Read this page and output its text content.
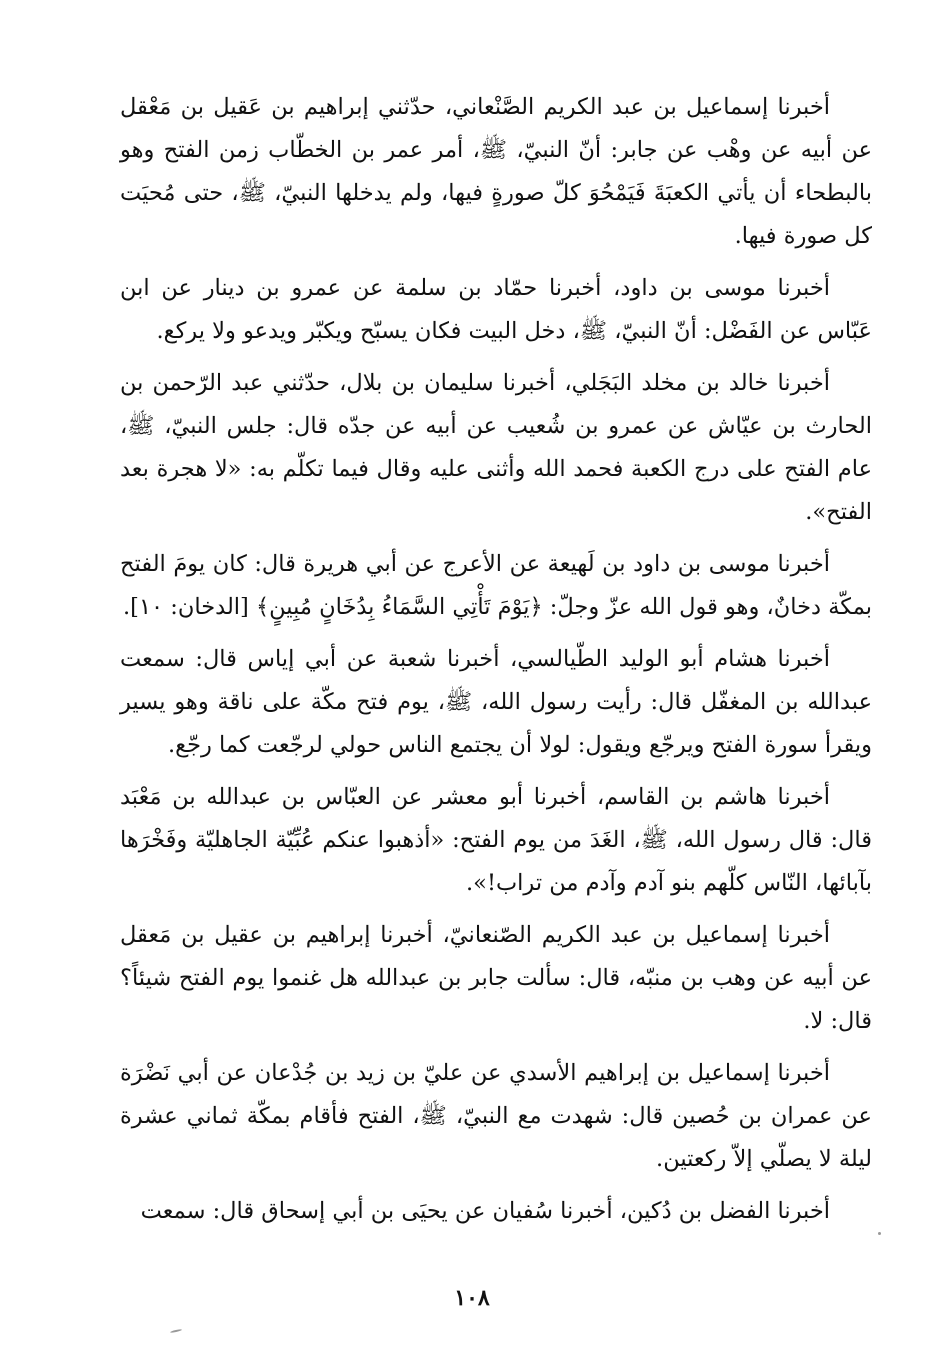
أخبرنا إسماعيل بن عبد الكريم الصَّنْعاني، حدّثني إبراهيم بن عَقيل بن مَعْقل عن أبيه عن وهْب عن جابر: أنّ النبيّ، ﷺ، أمر عمر بن الخطّاب زمن الفتح وهو بالبطحاء أن يأتي الكعبَةَ فَيَمْحُوَ كلّ صورةٍ فيها، ولم يدخلها النبيّ، ﷺ، حتى مُحيَت كل صورة فيها.

أخبرنا موسى بن داود، أخبرنا حمّاد بن سلمة عن عمرو بن دينار عن ابن عَبّاس عن الفَضْل: أنّ النبيّ، ﷺ، دخل البيت فكان يسبّح ويكبّر ويدعو ولا يركع.

أخبرنا خالد بن مخلد البَجَلي، أخبرنا سليمان بن بلال، حدّثني عبد الرّحمن بن الحارث بن عيّاش عن عمرو بن شُعيب عن أبيه عن جدّه قال: جلس النبيّ، ﷺ، عام الفتح على درج الكعبة فحمد الله وأثنى عليه وقال فيما تكلّم به: «لا هجرة بعد الفتح».

أخبرنا موسى بن داود بن لَهيعة عن الأعرج عن أبي هريرة قال: كان يومَ الفتح بمكّة دخانٌ، وهو قول الله عزّ وجلّ: ﴿يَوْمَ تَأْتِي السَّمَاءُ بِدُخَانٍ مُبِينٍ﴾ [الدخان: ١٠].

أخبرنا هشام أبو الوليد الطّيالسي، أخبرنا شعبة عن أبي إياس قال: سمعت عبدالله بن المغفّل قال: رأيت رسول الله، ﷺ، يوم فتح مكّة على ناقة وهو يسير ويقرأ سورة الفتح ويرجّع ويقول: لولا أن يجتمع الناس حولي لرجّعت كما رجّع.

أخبرنا هاشم بن القاسم، أخبرنا أبو معشر عن العبّاس بن عبدالله بن مَعْبَد قال: قال رسول الله، ﷺ، الغَدَ من يوم الفتح: «أذهبوا عنكم عُبِّيّة الجاهليّة وفَخْرَها بآبائها، النّاس كلّهم بنو آدم وآدم من تراب!».

أخبرنا إسماعيل بن عبد الكريم الصّنعانيّ، أخبرنا إبراهيم بن عقيل بن مَعقل عن أبيه عن وهب بن منبّه، قال: سألت جابر بن عبدالله هل غنموا يوم الفتح شيئاً؟ قال: لا.

أخبرنا إسماعيل بن إبراهيم الأسدي عن عليّ بن زيد بن جُدْعان عن أبي نَضْرَة عن عمران بن حُصين قال: شهدت مع النبيّ، ﷺ، الفتح فأقام بمكّة ثماني عشرة ليلة لا يصلّي إلاّ ركعتين.

أخبرنا الفضل بن دُكين، أخبرنا سُفيان عن يحيَى بن أبي إسحاق قال: سمعت

١٠٨
